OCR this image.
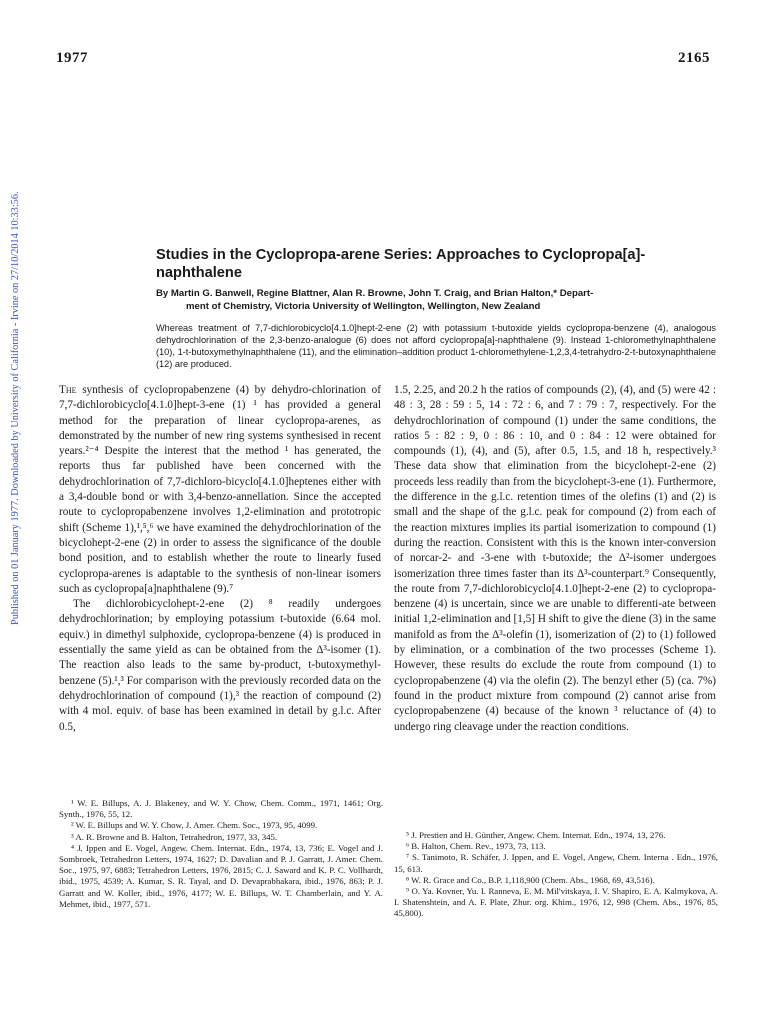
1977	2165
Published on 01 January 1977. Downloaded by University of California - Irvine on 27/10/2014 10:33:56.	Studies in the Cyclopropa-arene Series: Approaches to Cyclopropa[a]-naphthalene
By Martin G. Banwell, Regine Blattner, Alan R. Browne, John T. Craig, and Brian Halton,* Depart-
ment of Chemistry, Victoria University of Wellington, Wellington, New Zealand
Whereas treatment of 7,7-dichlorobicyclo[4.1.0]hept-2-ene (2) with potassium t-butoxide yields cyclopropa-benzene (4), analogous dehydrochlorination of the 2,3-benzo-analogue (6) does not afford cyclopropa[a]-naphthalene (9). Instead 1-chloromethylnaphthalene (10), 1-t-butoxymethylnaphthalene (11), and the elimination–addition product 1-chloromethylene-1,2,3,4-tetrahydro-2-t-butoxynaphthalene (12) are produced.

The synthesis of cyclopropabenzene (4) by dehydro-chlorination of 7,7-dichlorobicyclo[4.1.0]hept-3-ene (1) ¹ has provided a general method for the preparation of linear cyclopropa-arenes, as demonstrated by the number of new ring systems synthesised in recent years.²⁻⁴ Despite the interest that the method ¹ has generated, the reports thus far published have been concerned with the dehydrochlorination of 7,7-dichloro-bicyclo[4.1.0]heptenes either with a 3,4-double bond or with 3,4-benzo-annellation. Since the accepted route to cyclopropabenzene involves 1,2-elimination and prototropic shift (Scheme 1),¹,⁵,⁶ we have examined the dehydrochlorination of the bicyclohept-2-ene (2) in order to assess the significance of the double bond position, and to establish whether the route to linearly fused cyclopropa-arenes is adaptable to the synthesis of non-linear isomers such as cyclopropa[a]naphthalene (9).⁷

The dichlorobicyclohept-2-ene (2) ⁸ readily undergoes dehydrochlorination; by employing potassium t-butoxide (6.64 mol. equiv.) in dimethyl sulphoxide, cyclopropa-benzene (4) is produced in essentially the same yield as can be obtained from the Δ³-isomer (1). The reaction also leads to the same by-product, t-butoxymethyl-benzene (5).¹,³ For comparison with the previously recorded data on the dehydrochlorination of compound (1),³ the reaction of compound (2) with 4 mol. equiv. of base has been examined in detail by g.l.c. After 0.5,

1.5, 2.25, and 20.2 h the ratios of compounds (2), (4), and (5) were 42 : 48 : 3, 28 : 59 : 5, 14 : 72 : 6, and 7 : 79 : 7, respectively. For the dehydrochlorination of compound (1) under the same conditions, the ratios 5 : 82 : 9, 0 : 86 : 10, and 0 : 84 : 12 were obtained for compounds (1), (4), and (5), after 0.5, 1.5, and 18 h, respectively.³ These data show that elimination from the bicyclohept-2-ene (2) proceeds less readily than from the bicyclohept-3-ene (1). Furthermore, the difference in the g.l.c. retention times of the olefins (1) and (2) is small and the shape of the g.l.c. peak for compound (2) from each of the reaction mixtures implies its partial isomerization to compound (1) during the reaction. Consistent with this is the known inter-conversion of norcar-2- and -3-ene with t-butoxide; the Δ²-isomer undergoes isomerization three times faster than its Δ³-counterpart.⁹ Consequently, the route from 7,7-dichlorobicyclo[4.1.0]hept-2-ene (2) to cyclopropa-benzene (4) is uncertain, since we are unable to differenti-ate between initial 1,2-elimination and [1,5] H shift to give the diene (3) in the same manifold as from the Δ³-olefin (1), isomerization of (2) to (1) followed by elimination, or a combination of the two processes (Scheme 1). However, these results do exclude the route from compound (1) to cyclopropabenzene (4) via the olefin (2). The benzyl ether (5) (ca. 7%) found in the product mixture from compound (2) cannot arise from cyclopropabenzene (4) because of the known ³ reluctance of (4) to undergo ring cleavage under the reaction conditions.

¹ W. E. Billups, A. J. Blakeney, and W. Y. Chow, Chem. Comm., 1971, 1461; Org. Synth., 1976, 55, 12.
² W. E. Billups and W. Y. Chow, J. Amer. Chem. Soc., 1973, 95, 4099.
³ A. R. Browne and B. Halton, Tetrahedron, 1977, 33, 345.
⁴ J. Ippen and E. Vogel, Angew. Chem. Internat. Edn., 1974, 13, 736; E. Vogel and J. Sombroek, Tetrahedron Letters, 1974, 1627; D. Davalian and P. J. Garratt, J. Amer. Chem. Soc., 1975, 97, 6883; Tetrahedron Letters, 1976, 2815; C. J. Saward and K. P. C. Vollhardt, ibid., 1975, 4539; A. Kumar, S. R. Tayal, and D. Devaprabhakara, ibid., 1976, 863; P. J. Garratt and W. Koller, ibid., 1976, 4177; W. E. Billups, W. T. Chamberlain, and Y. A. Mehmet, ibid., 1977, 571.
⁵ J. Prestien and H. Günther, Angew. Chem. Internat. Edn., 1974, 13, 276.
⁶ B. Halton, Chem. Rev., 1973, 73, 113.
⁷ S. Tanimoto, R. Schäfer, J. Ippen, and E. Vogel, Angew, Chem. Interna . Edn., 1976, 15, 613.
⁸ W. R. Grace and Co., B.P. 1,118,900 (Chem. Abs., 1968, 69, 43,516).
⁹ O. Ya. Kovner, Yu. I. Ranneva, E. M. Mil'vitskaya, I. V. Shapiro, E. A. Kalmykova, A. I. Shatenshtein, and A. F. Plate, Zhur. org. Khim., 1976, 12, 998 (Chem. Abs., 1976, 85, 45,800).
